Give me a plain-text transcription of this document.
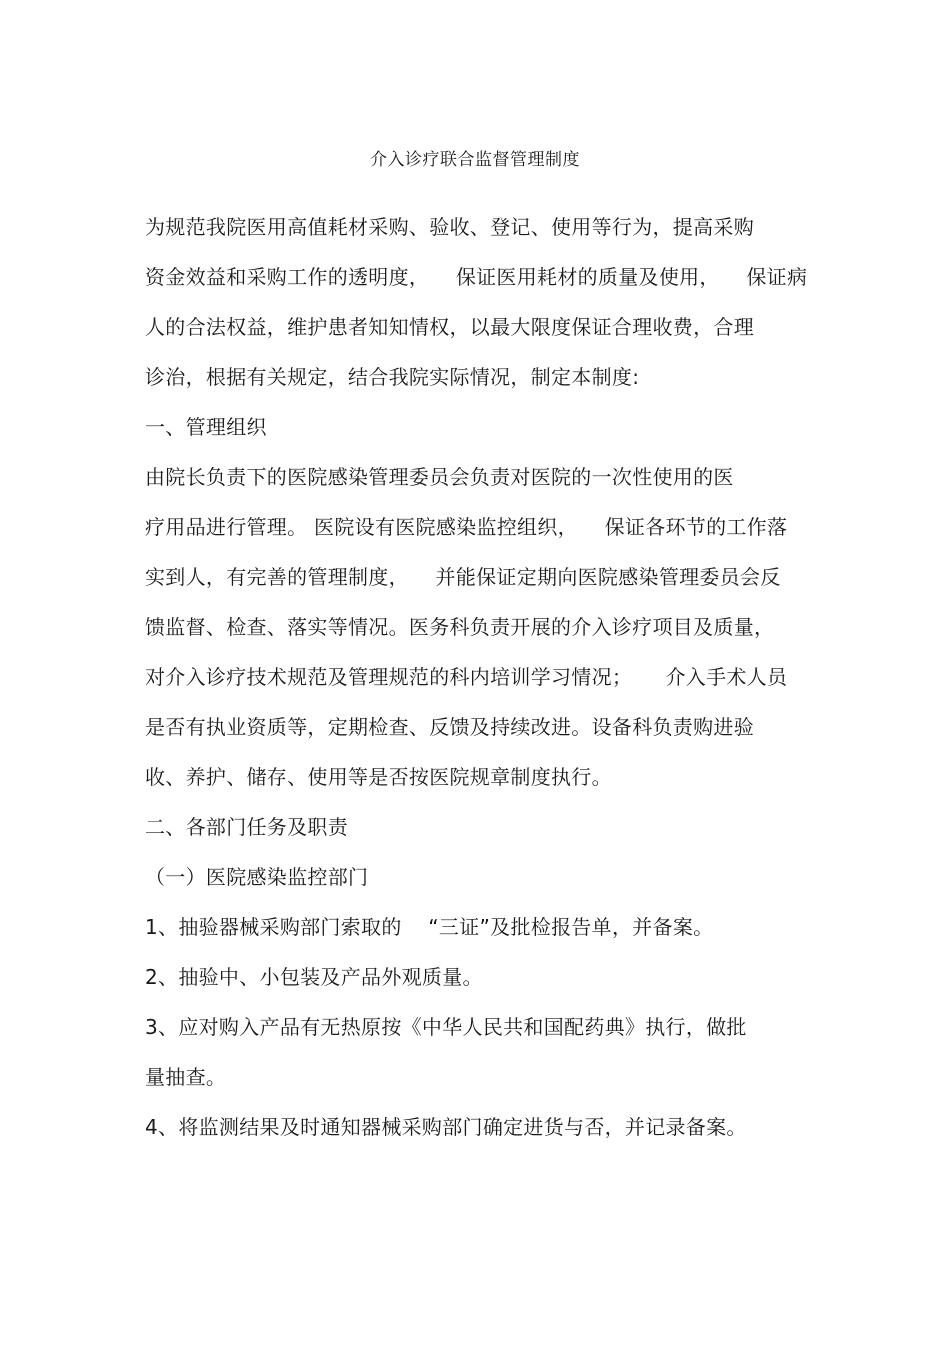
介入诊疗联合监督管理制度
为规范我院医用高值耗材采购、验收、登记、使用等行为，提高采购
资金效益和采购工作的透明度，    保证医用耗材的质量及使用，    保证病
人的合法权益，维护患者知知情权，以最大限度保证合理收费，合理
诊治，根据有关规定，结合我院实际情况，制定本制度:
一、管理组织
由院长负责下的医院感染管理委员会负责对医院的一次性使用的医
疗用品进行管理。 医院设有医院感染监控组织，    保证各环节的工作落
实到人，有完善的管理制度，    并能保证定期向医院感染管理委员会反
馈监督、检查、落实等情况。医务科负责开展的介入诊疗项目及质量，
对介入诊疗技术规范及管理规范的科内培训学习情况；     介入手术人员
是否有执业资质等，定期检查、反馈及持续改进。设备科负责购进验
收、养护、储存、使用等是否按医院规章制度执行。
二、各部门任务及职责
（一）医院感染监控部门
1、抽验器械采购部门索取的    “三证”及批检报告单，并备案。
2、抽验中、小包装及产品外观质量。
3、应对购入产品有无热原按《中华人民共和国配药典》执行，做批
量抽查。
4、将监测结果及时通知器械采购部门确定进货与否，并记录备案。
